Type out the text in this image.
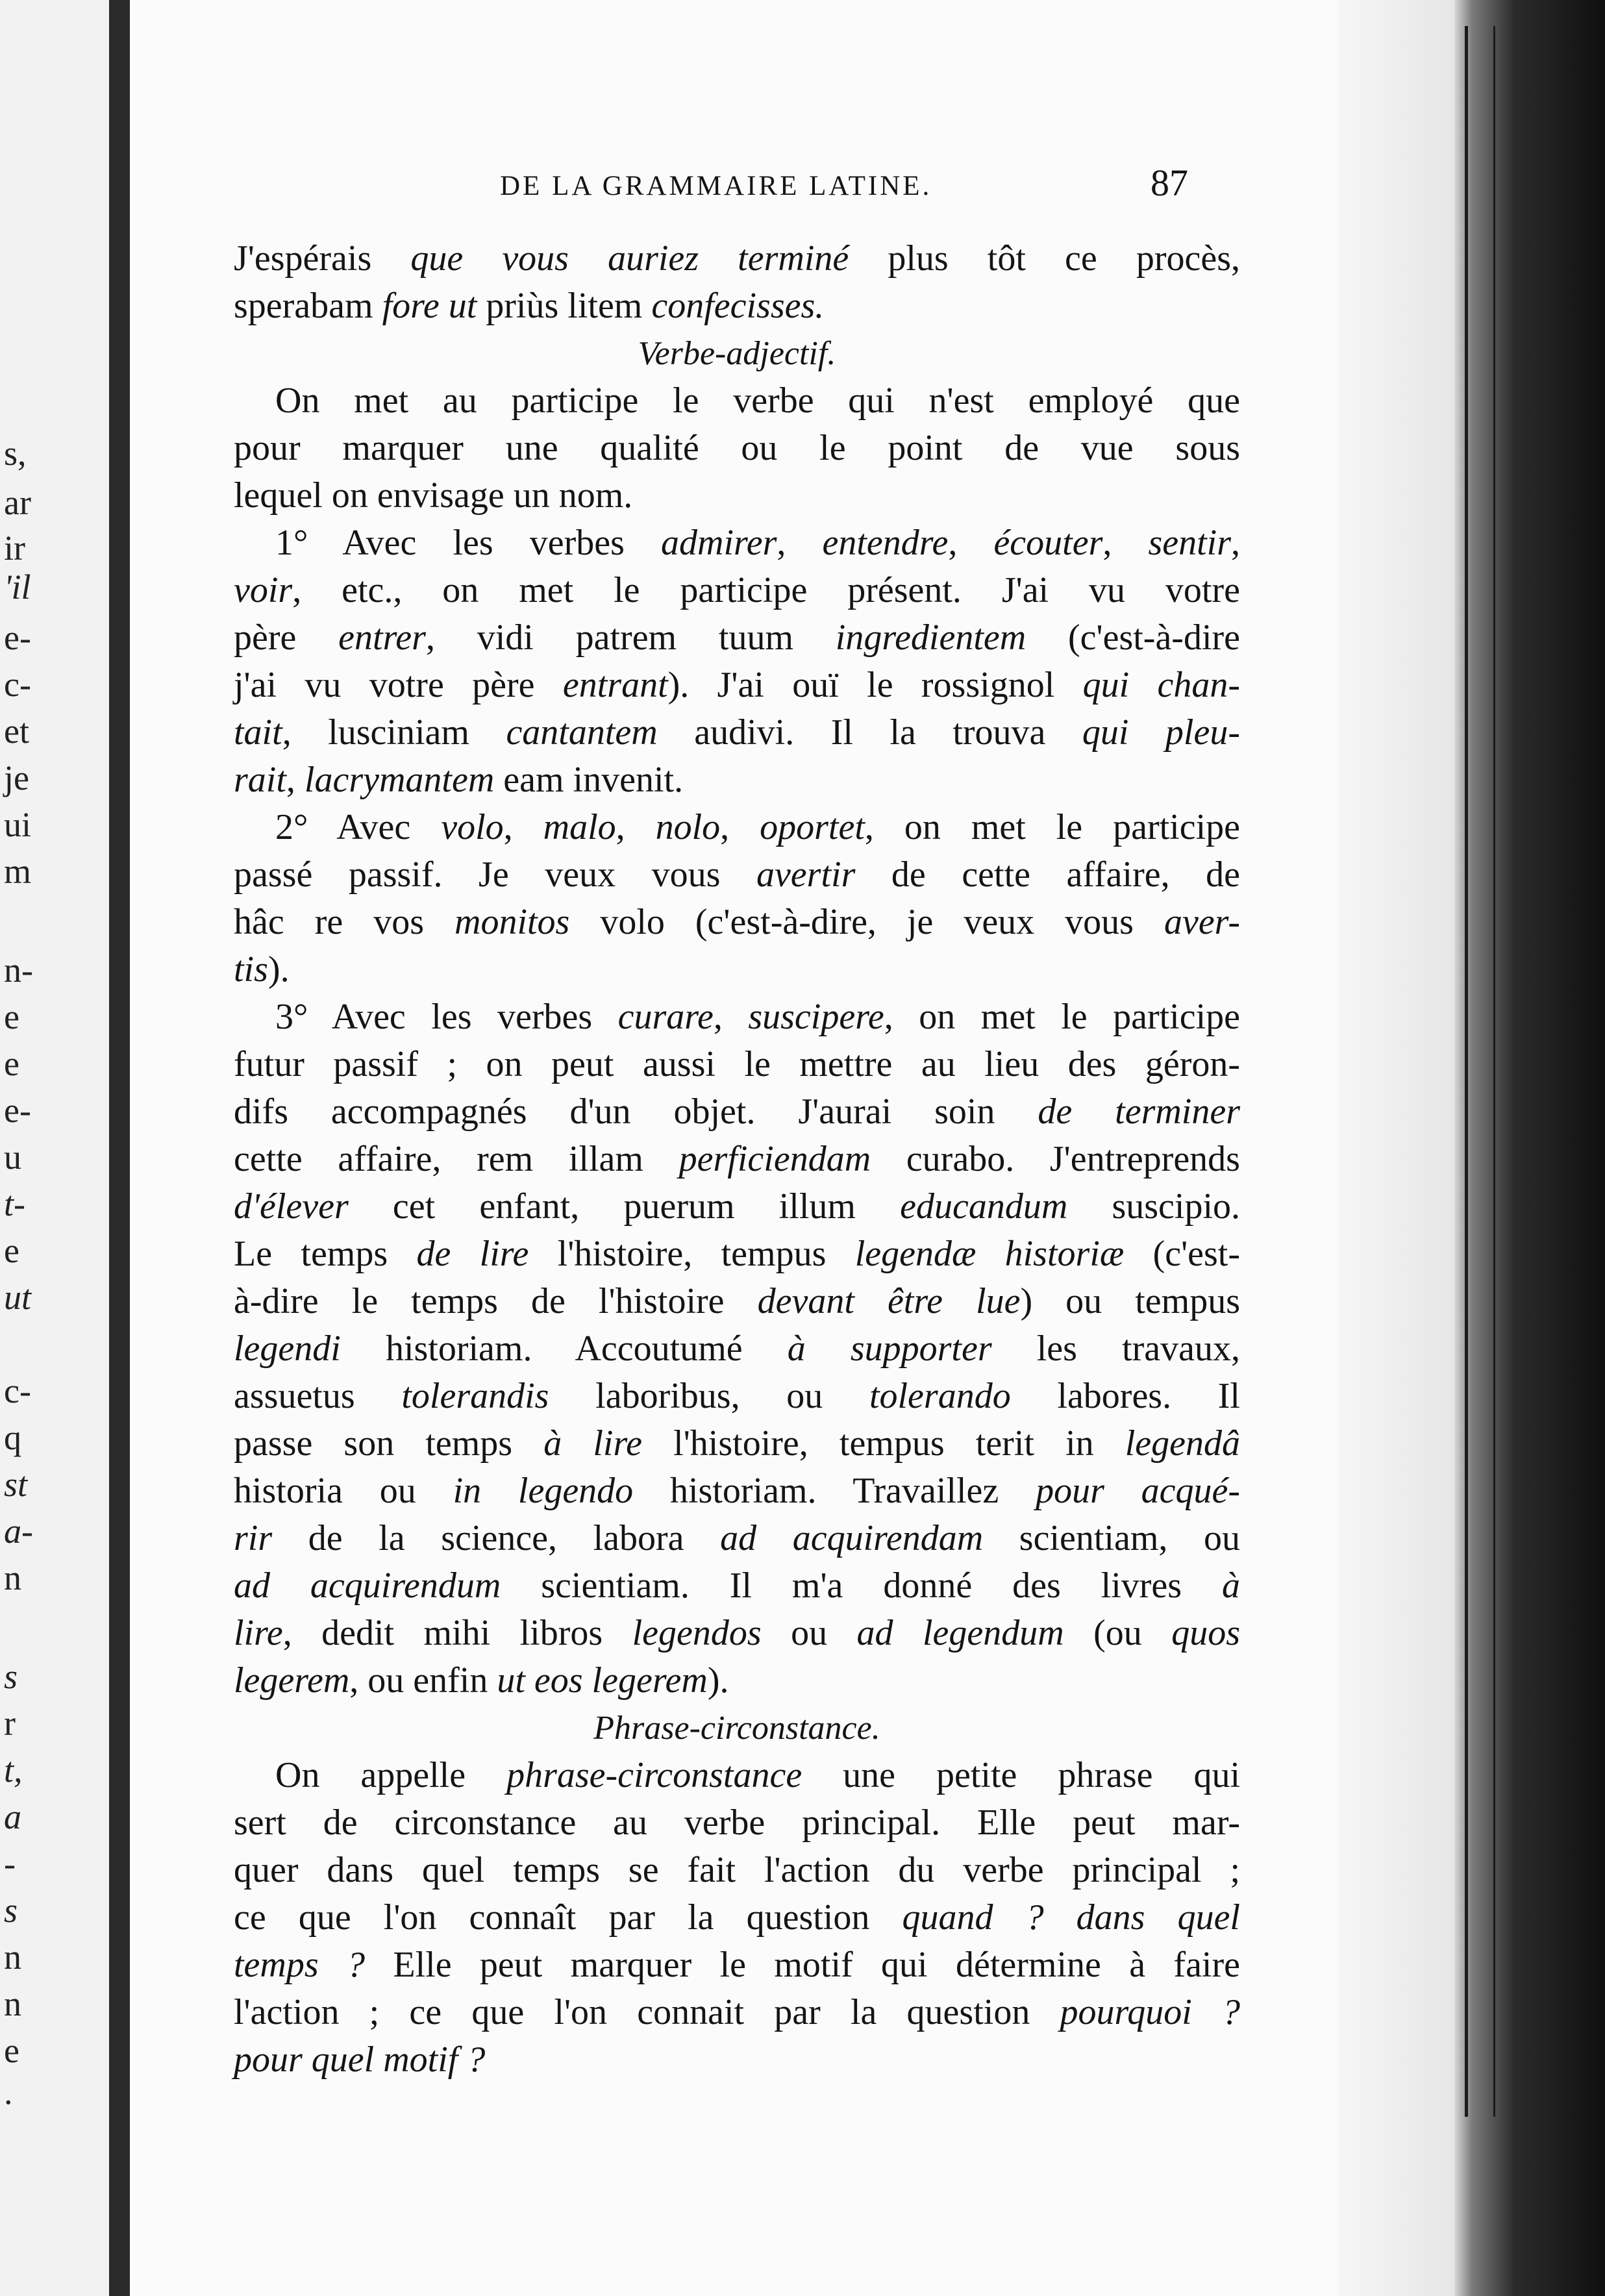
s,
ar
ir
'il
e-
c-
et
je
ui
m
n-
e
e
e-
u
t-
e
ut
c-
q
st
a-
n
s
r
t,
a
-
s
n
n
e
.
DE LA GRAMMAIRE LATINE.	87
J'espérais que vous auriez terminé plus tôt ce procès,
sperabam fore ut priùs litem confecisses.
Verbe-adjectif.
On met au participe le verbe qui n'est employé que
pour marquer une qualité ou le point de vue sous
lequel on envisage un nom.
1° Avec les verbes admirer, entendre, écouter, sentir,
voir, etc., on met le participe présent. J'ai vu votre
père entrer, vidi patrem tuum ingredientem (c'est-à-dire
j'ai vu votre père entrant). J'ai ouï le rossignol qui chan-
tait, lusciniam cantantem audivi. Il la trouva qui pleu-
rait, lacrymantem eam invenit.
2° Avec volo, malo, nolo, oportet, on met le participe
passé passif. Je veux vous avertir de cette affaire, de
hâc re vos monitos volo (c'est-à-dire, je veux vous aver-
tis).
3° Avec les verbes curare, suscipere, on met le participe
futur passif ; on peut aussi le mettre au lieu des géron-
difs accompagnés d'un objet. J'aurai soin de terminer
cette affaire, rem illam perficiendam curabo. J'entreprends
d'élever cet enfant, puerum illum educandum suscipio.
Le temps de lire l'histoire, tempus legendæ historiæ (c'est-
à-dire le temps de l'histoire devant être lue) ou tempus
legendi historiam. Accoutumé à supporter les travaux,
assuetus tolerandis laboribus, ou tolerando labores. Il
passe son temps à lire l'histoire, tempus terit in legendâ
historia ou in legendo historiam. Travaillez pour acqué-
rir de la science, labora ad acquirendam scientiam, ou
ad acquirendum scientiam. Il m'a donné des livres à
lire, dedit mihi libros legendos ou ad legendum (ou quos
legerem, ou enfin ut eos legerem).
Phrase-circonstance.
On appelle phrase-circonstance une petite phrase qui
sert de circonstance au verbe principal. Elle peut mar-
quer dans quel temps se fait l'action du verbe principal ;
ce que l'on connaît par la question quand ? dans quel
temps ? Elle peut marquer le motif qui détermine à faire
l'action ; ce que l'on connait par la question pourquoi ?
pour quel motif ?
